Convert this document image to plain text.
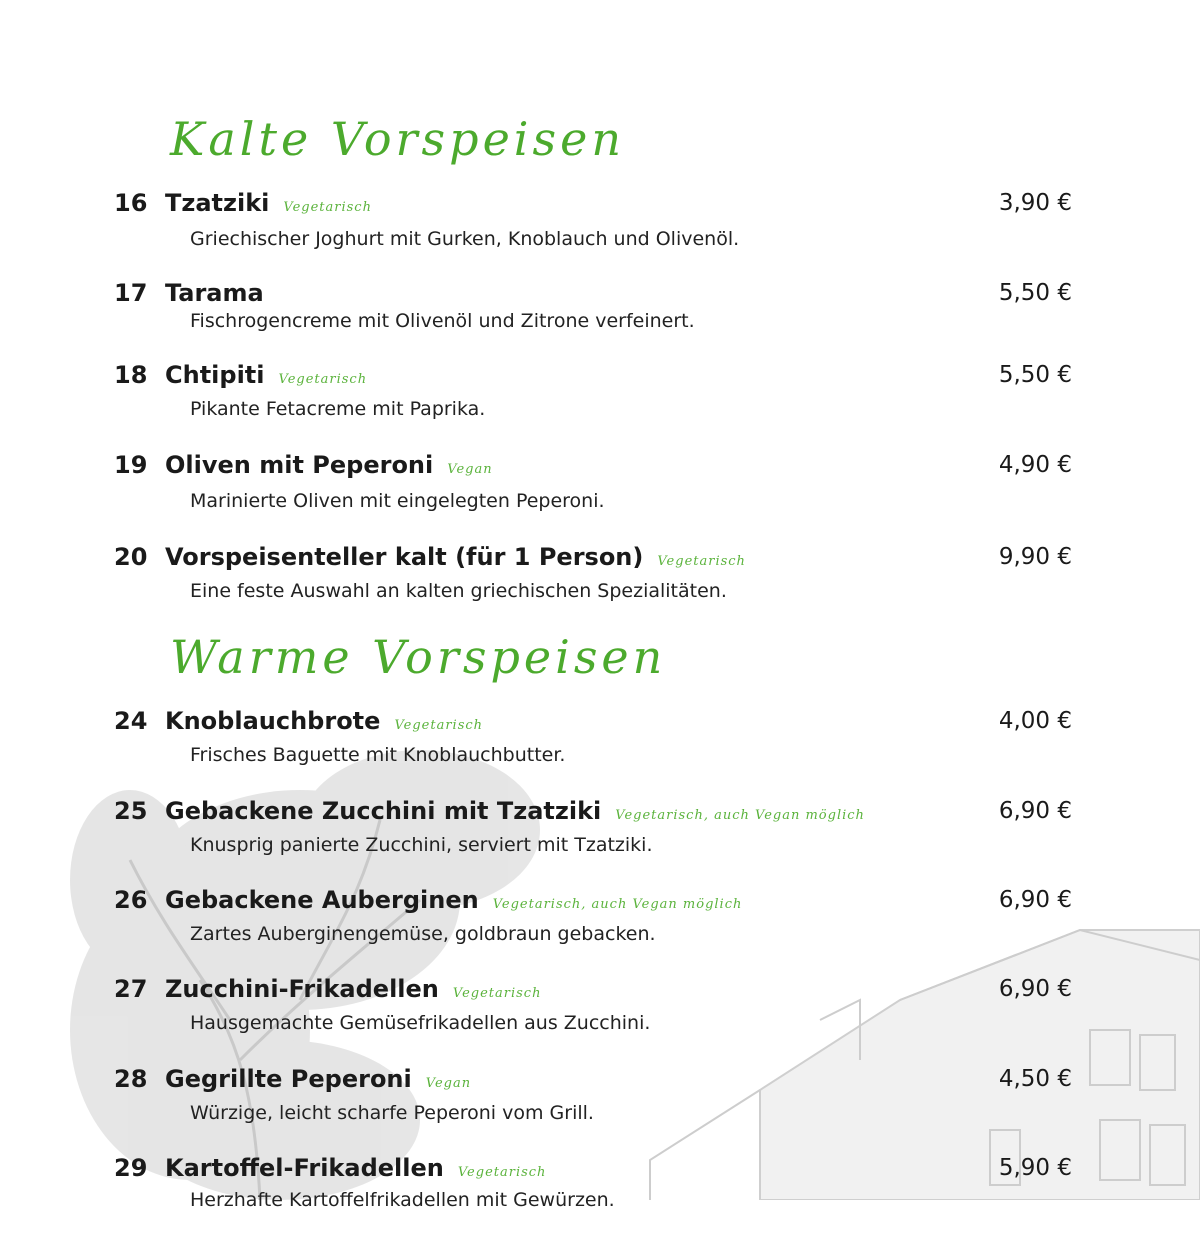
Kalte Vorspeisen
16 Tzatziki Vegetarisch	3,90 €
Griechischer Joghurt mit Gurken, Knoblauch und Olivenöl.
17 Tarama	5,50 €
Fischrogencreme mit Olivenöl und Zitrone verfeinert.
18 Chtipiti Vegetarisch	5,50 €
Pikante Fetacreme mit Paprika.
19 Oliven mit Peperoni Vegan	4,90 €
Marinierte Oliven mit eingelegten Peperoni.
20 Vorspeisenteller kalt (für 1 Person) Vegetarisch	9,90 €
Eine feste Auswahl an kalten griechischen Spezialitäten.
Warme Vorspeisen
24 Knoblauchbrote Vegetarisch	4,00 €
Frisches Baguette mit Knoblauchbutter.
25 Gebackene Zucchini mit Tzatziki Vegetarisch, auch Vegan möglich	6,90 €
Knusprig panierte Zucchini, serviert mit Tzatziki.
26 Gebackene Auberginen Vegetarisch, auch Vegan möglich	6,90 €
Zartes Auberginengemüse, goldbraun gebacken.
27 Zucchini-Frikadellen Vegetarisch	6,90 €
Hausgemachte Gemüsefrikadellen aus Zucchini.
28 Gegrillte Peperoni Vegan	4,50 €
Würzige, leicht scharfe Peperoni vom Grill.
29 Kartoffel-Frikadellen Vegetarisch	5,90 €
Herzhafte Kartoffelfrikadellen mit Gewürzen.
